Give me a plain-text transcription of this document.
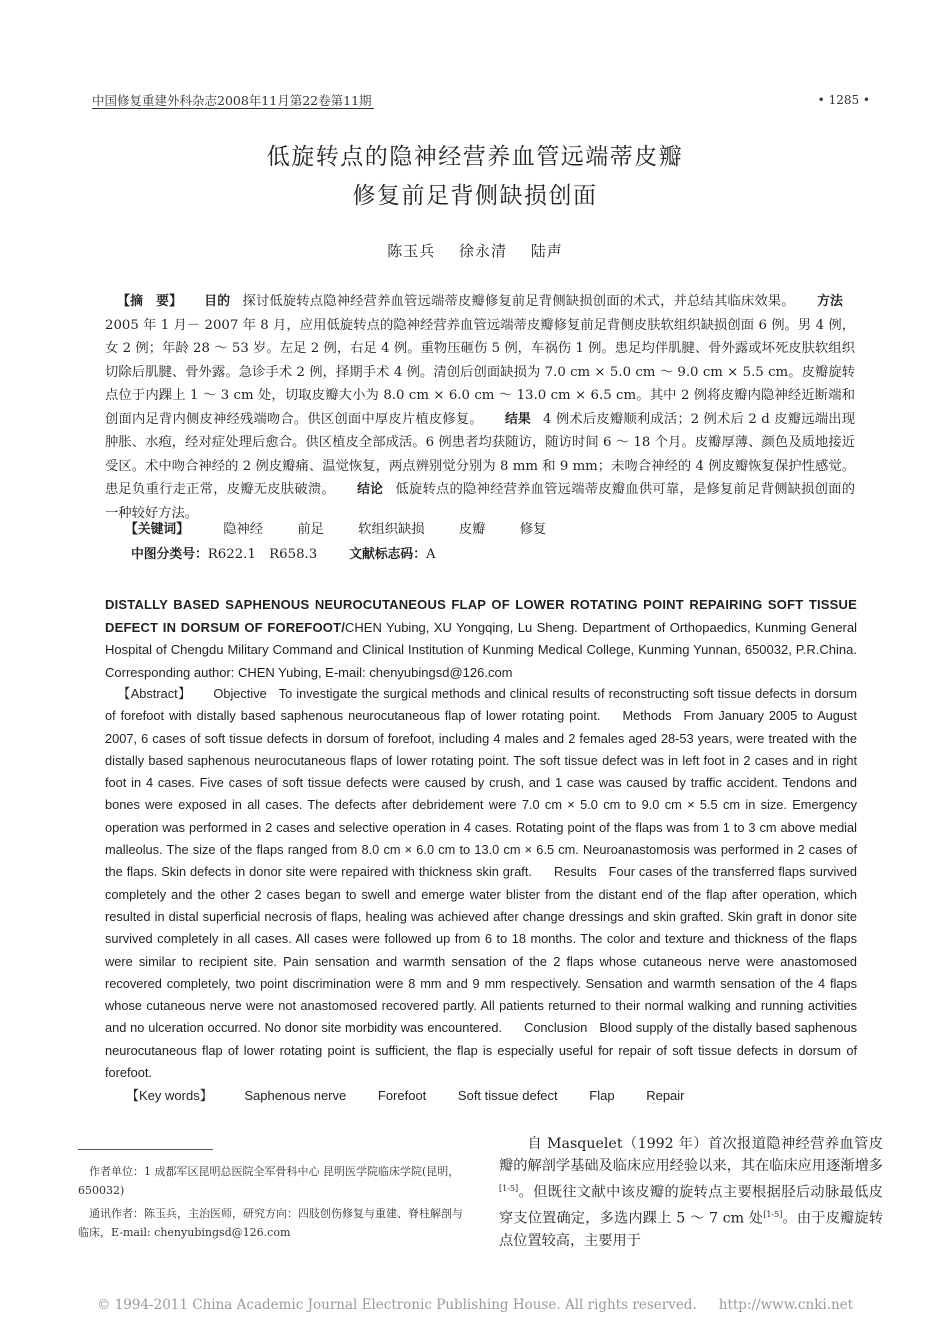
中国修复重建外科杂志2008年11月第22卷第11期	• 1285 •
低旋转点的隐神经营养血管远端蒂皮瓣
修复前足背侧缺损创面
陈玉兵 徐永清 陆声
【摘　要】 目的 探讨低旋转点隐神经营养血管远端蒂皮瓣修复前足背侧缺损创面的术式，并总结其临床效果。 方法2005 年 1 月－ 2007 年 8 月，应用低旋转点的隐神经营养血管远端蒂皮瓣修复前足背侧皮肤软组织缺损创面 6 例。男 4 例，女 2 例；年龄 28 ～ 53 岁。左足 2 例，右足 4 例。重物压砸伤 5 例，车祸伤 1 例。患足均伴肌腱、骨外露或坏死皮肤软组织切除后肌腱、骨外露。急诊手术 2 例，择期手术 4 例。清创后创面缺损为 7.0 cm × 5.0 cm ～ 9.0 cm × 5.5 cm。皮瓣旋转点位于内踝上 1 ～ 3 cm 处，切取皮瓣大小为 8.0 cm × 6.0 cm ～ 13.0 cm × 6.5 cm。其中 2 例将皮瓣内隐神经近断端和创面内足背内侧皮神经残端吻合。供区创面中厚皮片植皮修复。 结果 4 例术后皮瓣顺利成活；2 例术后 2 d 皮瓣远端出现肿胀、水疱，经对症处理后愈合。供区植皮全部成活。6 例患者均获随访，随访时间 6 ～ 18 个月。皮瓣厚薄、颜色及质地接近受区。术中吻合神经的 2 例皮瓣痛、温觉恢复，两点辨别觉分别为 8 mm 和 9 mm；未吻合神经的 4 例皮瓣恢复保护性感觉。患足负重行走正常，皮瓣无皮肤破溃。 结论 低旋转点的隐神经营养血管远端蒂皮瓣血供可靠，是修复前足背侧缺损创面的一种较好方法。
【关键词】	隐神经	前足	软组织缺损	皮瓣	修复
中图分类号：R622.1　R658.3	文献标志码：A
DISTALLY BASED SAPHENOUS NEUROCUTANEOUS FLAP OF LOWER ROTATING POINT REPAIRING SOFT TISSUE DEFECT IN DORSUM OF FOREFOOT/CHEN Yubing, XU Yongqing, Lu Sheng. Department of Orthopaedics, Kunming General Hospital of Chengdu Military Command and Clinical Institution of Kunming Medical College, Kunming Yunnan, 650032, P.R.China. Corresponding author: CHEN Yubing, E-mail: chenyubingsd@126.com
【Abstract】 Objective To investigate the surgical methods and clinical results of reconstructing soft tissue defects in dorsum of forefoot with distally based saphenous neurocutaneous flap of lower rotating point. Methods From January 2005 to August 2007, 6 cases of soft tissue defects in dorsum of forefoot, including 4 males and 2 females aged 28-53 years, were treated with the distally based saphenous neurocutaneous flaps of lower rotating point. The soft tissue defect was in left foot in 2 cases and in right foot in 4 cases. Five cases of soft tissue defects were caused by crush, and 1 case was caused by traffic accident. Tendons and bones were exposed in all cases. The defects after debridement were 7.0 cm × 5.0 cm to 9.0 cm × 5.5 cm in size. Emergency operation was performed in 2 cases and selective operation in 4 cases. Rotating point of the flaps was from 1 to 3 cm above medial malleolus. The size of the flaps ranged from 8.0 cm × 6.0 cm to 13.0 cm × 6.5 cm. Neuroanastomosis was performed in 2 cases of the flaps. Skin defects in donor site were repaired with thickness skin graft. Results Four cases of the transferred flaps survived completely and the other 2 cases began to swell and emerge water blister from the distant end of the flap after operation, which resulted in distal superficial necrosis of flaps, healing was achieved after change dressings and skin grafted. Skin graft in donor site survived completely in all cases. All cases were followed up from 6 to 18 months. The color and texture and thickness of the flaps were similar to recipient site. Pain sensation and warmth sensation of the 2 flaps whose cutaneous nerve were anastomosed recovered completely, two point discrimination were 8 mm and 9 mm respectively. Sensation and warmth sensation of the 4 flaps whose cutaneous nerve were not anastomosed recovered partly. All patients returned to their normal walking and running activities and no ulceration occurred. No donor site morbidity was encountered. Conclusion Blood supply of the distally based saphenous neurocutaneous flap of lower rotating point is sufficient, the flap is especially useful for repair of soft tissue defects in dorsum of forefoot.
【Key words】 Saphenous nerve Forefoot Soft tissue defect Flap Repair

作者单位：1 成都军区昆明总医院全军骨科中心 昆明医学院临床学院(昆明，650032)

通讯作者：陈玉兵，主治医师，研究方向：四肢创伤修复与重建、脊柱解剖与临床，E-mail: chenyubingsd@126.com

自 Masquelet（1992 年）首次报道隐神经营养血管皮瓣的解剖学基础及临床应用经验以来，其在临床应用逐渐增多[1-5]。但既往文献中该皮瓣的旋转点主要根据胫后动脉最低皮穿支位置确定，多选内踝上 5 ～ 7 cm 处[1-5]。由于皮瓣旋转点位置较高，主要用于
© 1994-2011 China Academic Journal Electronic Publishing House. All rights reserved. http://www.cnki.net
